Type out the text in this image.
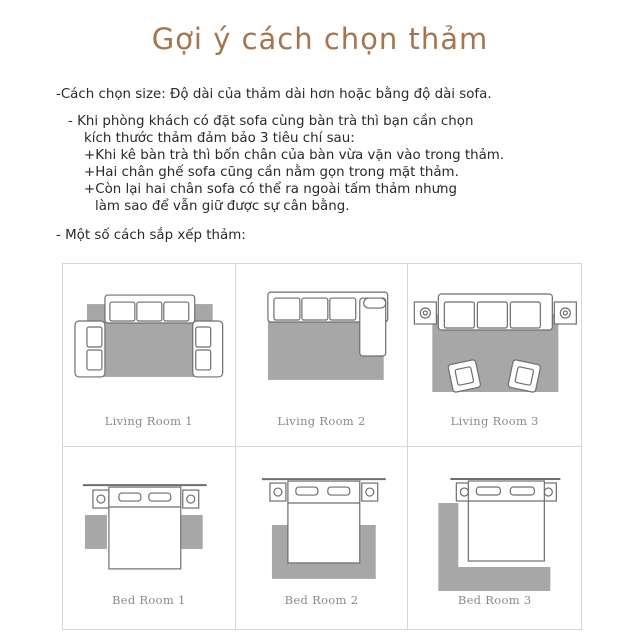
Gợi ý cách chọn thảm
-Cách chọn size: Độ dài của thảm dài hơn hoặc bằng độ dài sofa.
- Khi phòng khách có đặt sofa cùng bàn trà thì bạn cần chọn
kích thước thảm đảm bảo 3 tiêu chí sau:
+Khi kê bàn trà thì bốn chân của bàn vừa vặn vào trong thảm.
+Hai chân ghế sofa cũng cần nằm gọn trong mặt thảm.
+Còn lại hai chân sofa có thể ra ngoài tấm thảm nhưng
làm sao để vẫn giữ được sự cân bằng.
- Một số cách sắp xếp thảm:
Living Room 1	Living Room 2	Living Room 3
Bed Room 1	Bed Room 2	Bed Room 3
